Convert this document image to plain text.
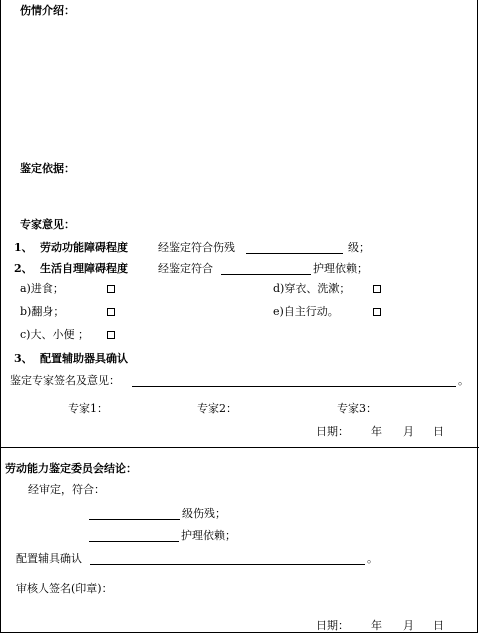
伤情介绍：
鉴定依据：
专家意见：
1、 劳动功能障碍程度	经鉴定符合伤残	级；
2、 生活自理障碍程度	经鉴定符合	护理依赖；
a)进食；	d)穿衣、洗漱；
b)翻身；	e)自主行动。
c)大、小便 ；
3、 配置辅助器具确认
鉴定专家签名及意见：	。
专家1：	专家2：	专家3：
日期： 年 月 日
劳动能力鉴定委员会结论：
经审定，符合：
级伤残；
护理依赖；
配置辅具确认	。
审核人签名(印章)：
日期： 年 月 日
